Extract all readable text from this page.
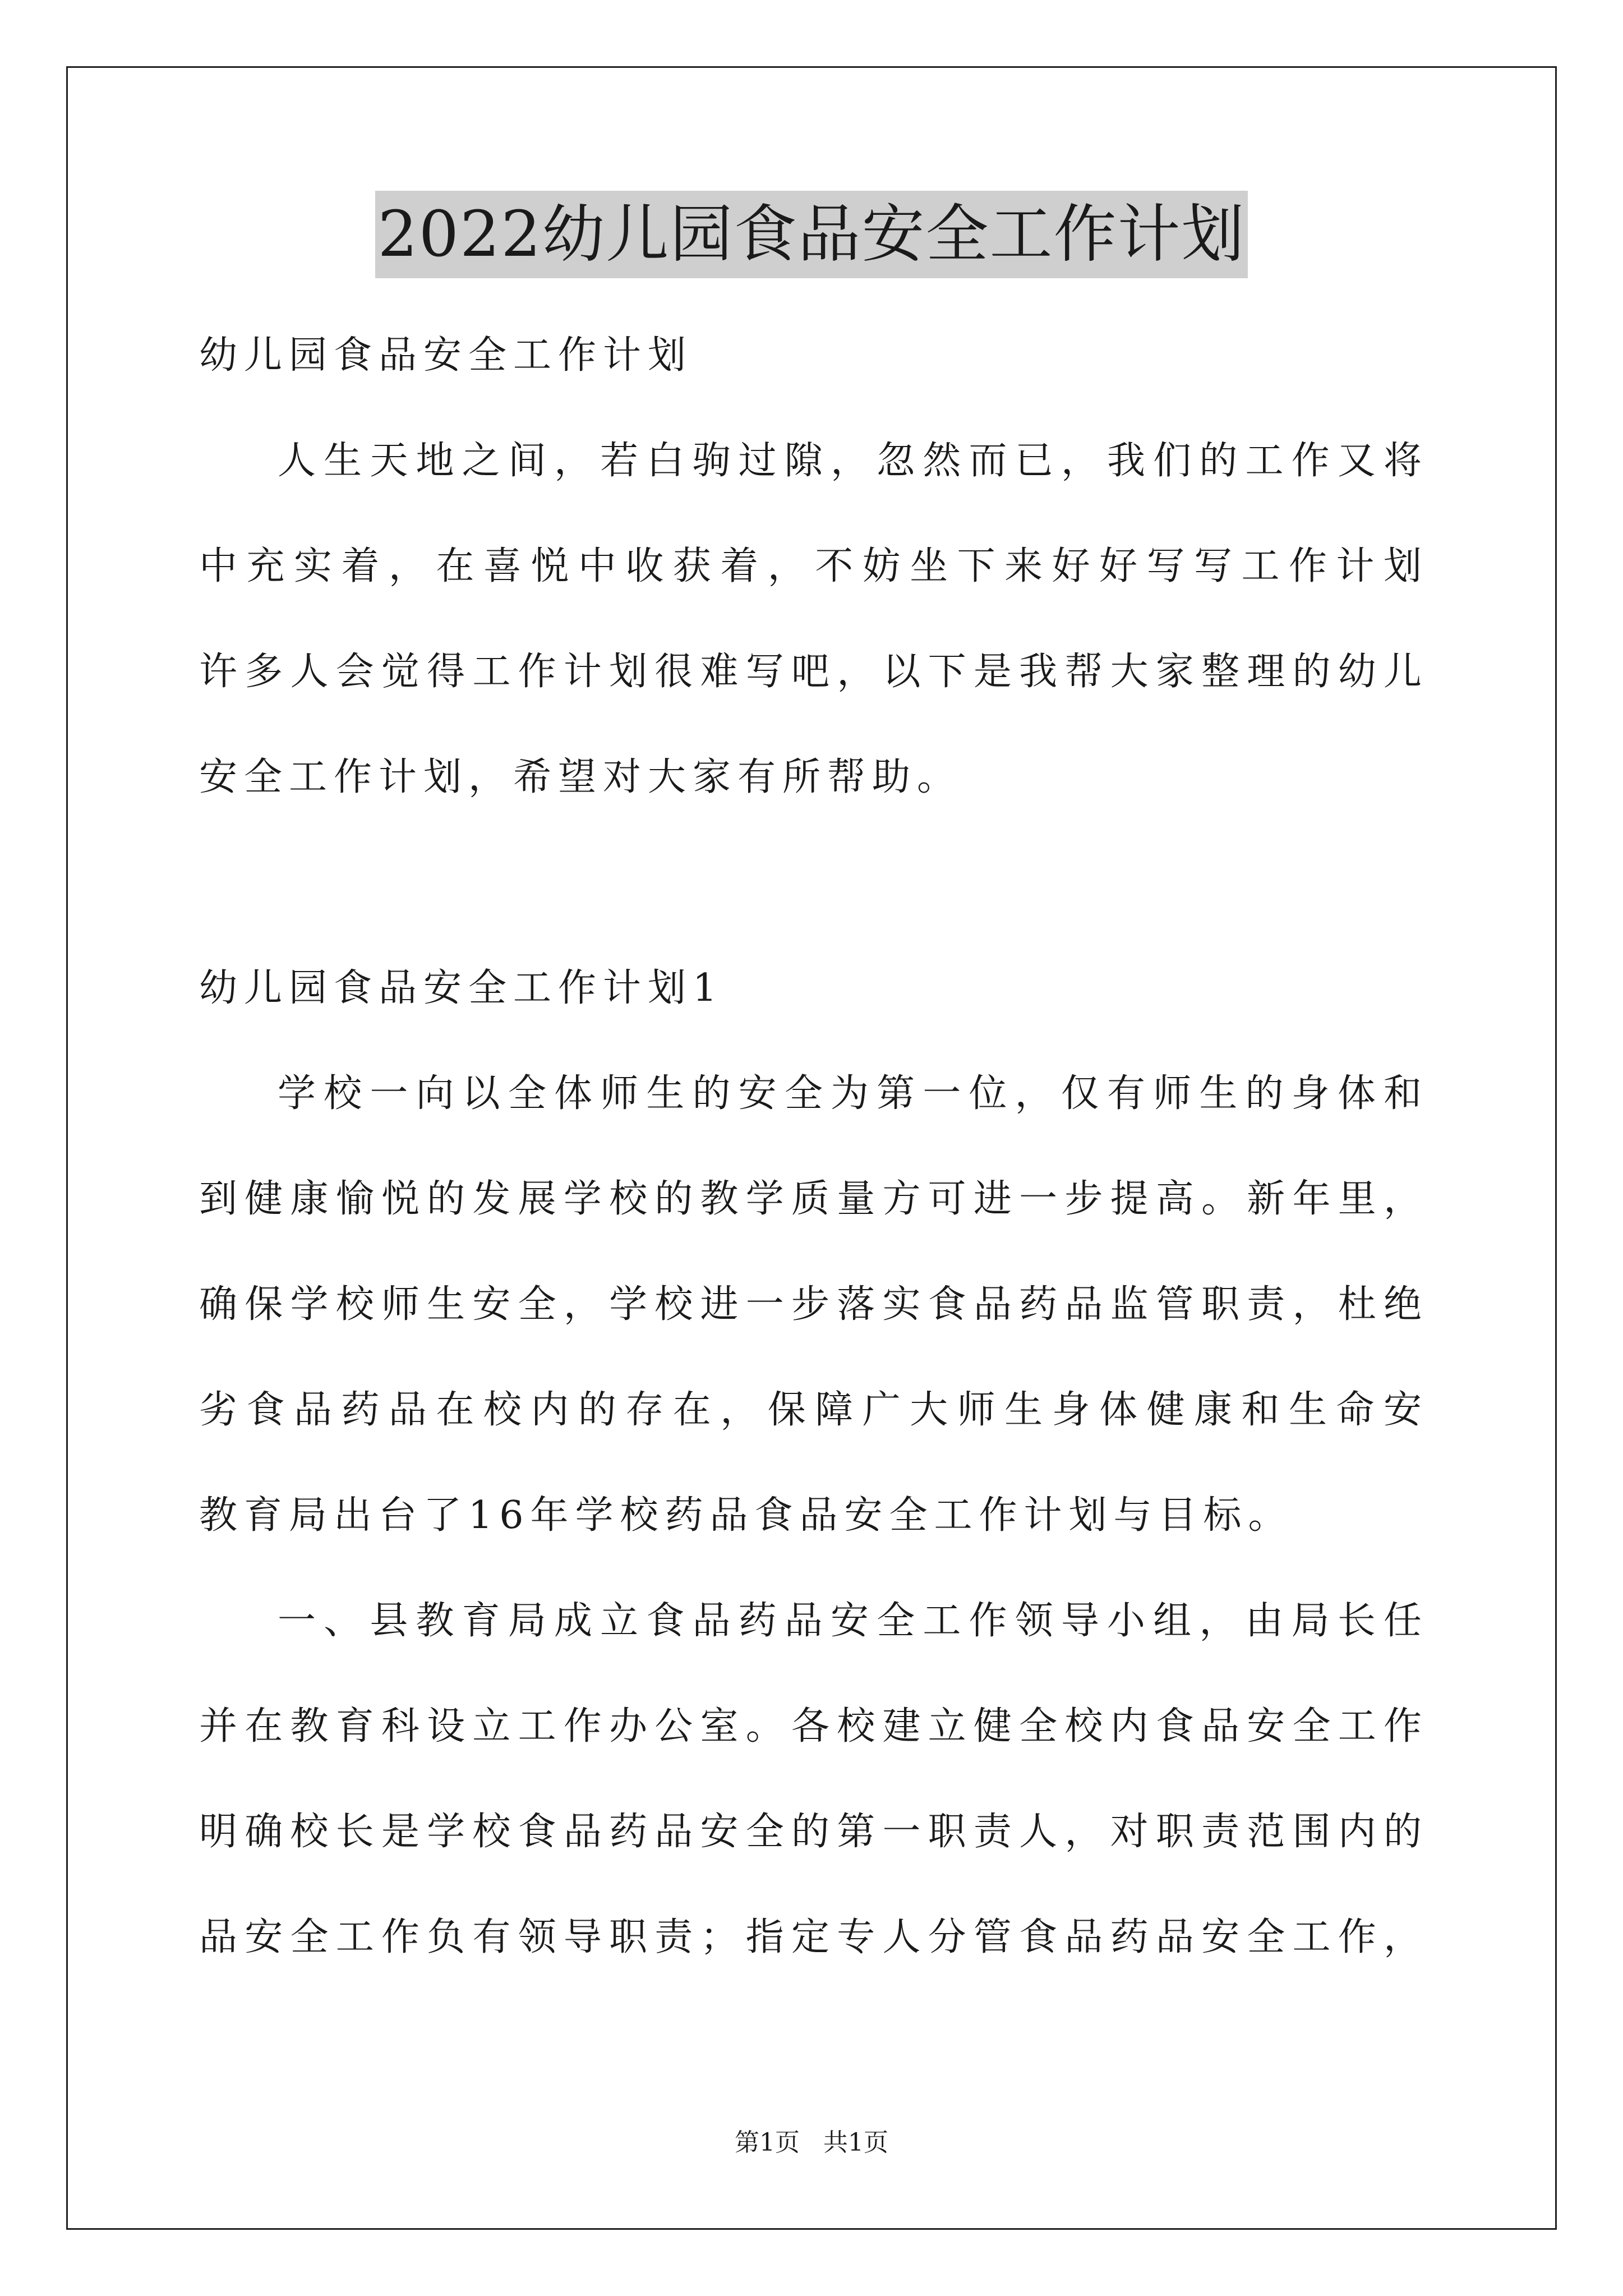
2022幼儿园食品安全工作计划
幼儿园食品安全工作计划
人生天地之间，若白驹过隙，忽然而已，我们的工作又将
中充实着，在喜悦中收获着，不妨坐下来好好写写工作计划
许多人会觉得工作计划很难写吧，以下是我帮大家整理的幼儿
安全工作计划，希望对大家有所帮助。
幼儿园食品安全工作计划1
学校一向以全体师生的安全为第一位，仅有师生的身体和
到健康愉悦的发展学校的教学质量方可进一步提高。新年里，
确保学校师生安全，学校进一步落实食品药品监管职责，杜绝
劣食品药品在校内的存在，保障广大师生身体健康和生命安
教育局出台了16年学校药品食品安全工作计划与目标。
一、县教育局成立食品药品安全工作领导小组，由局长任
并在教育科设立工作办公室。各校建立健全校内食品安全工作
明确校长是学校食品药品安全的第一职责人，对职责范围内的
品安全工作负有领导职责；指定专人分管食品药品安全工作，
第1页   共1页
